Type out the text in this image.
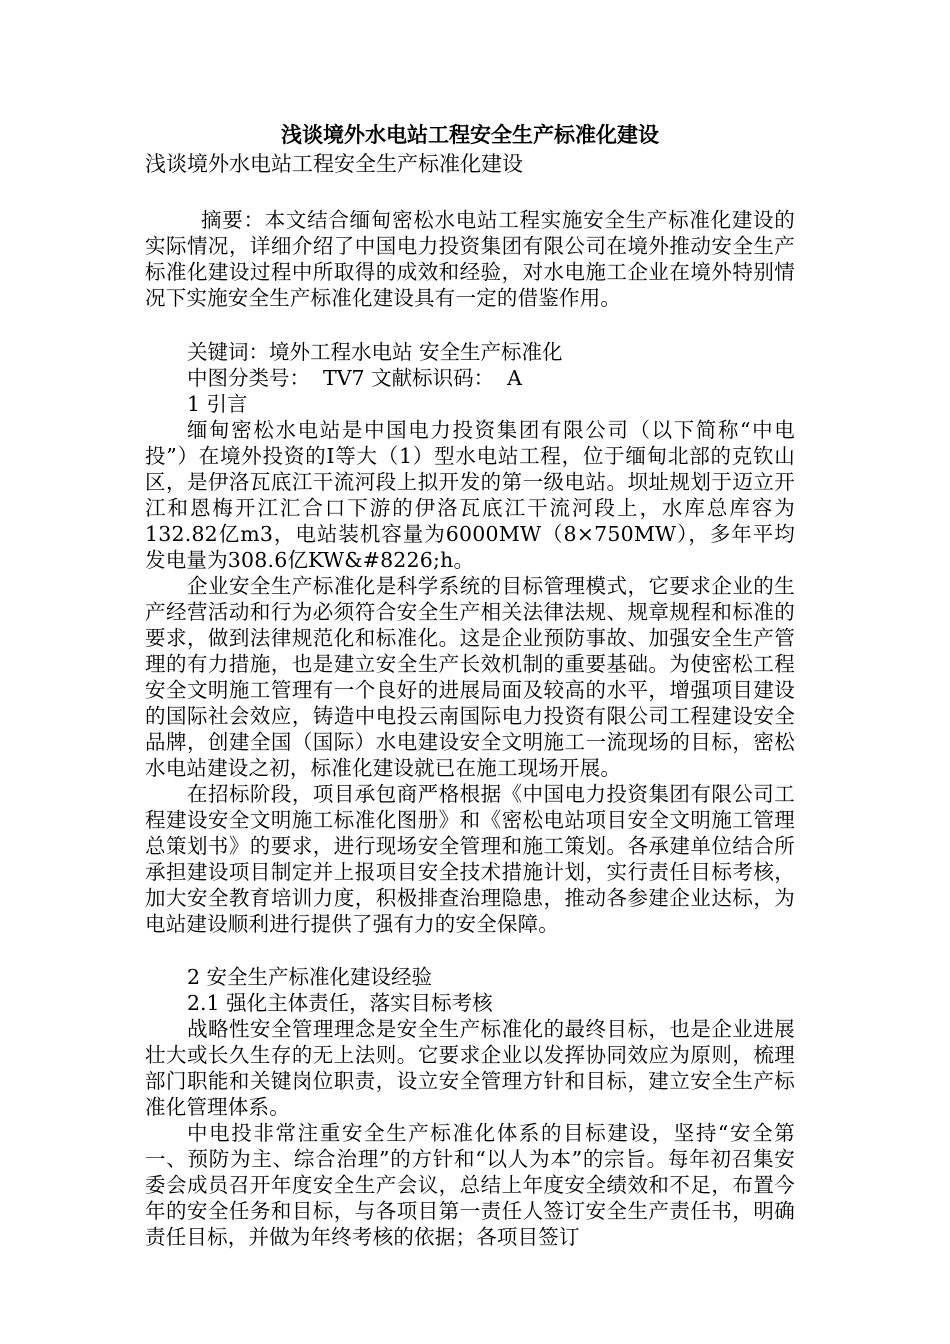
浅谈境外水电站工程安全生产标准化建设

浅谈境外水电站工程安全生产标准化建设

摘要：本文结合缅甸密松水电站工程实施安全生产标准化建设的实际情况，详细介绍了中国电力投资集团有限公司在境外推动安全生产标准化建设过程中所取得的成效和经验，对水电施工企业在境外特别情况下实施安全生产标准化建设具有一定的借鉴作用。

关键词：境外工程水电站 安全生产标准化

中图分类号：  TV7 文献标识码：  A

1 引言

缅甸密松水电站是中国电力投资集团有限公司（以下简称“中电投”）在境外投资的Ⅰ等大（1）型水电站工程，位于缅甸北部的克钦山区，是伊洛瓦底江干流河段上拟开发的第一级电站。坝址规划于迈立开江和恩梅开江汇合口下游的伊洛瓦底江干流河段上，水库总库容为132.82亿m3，电站装机容量为6000MW（8×750MW），多年平均发电量为308.6亿KW&#8226;h。

企业安全生产标准化是科学系统的目标管理模式，它要求企业的生产经营活动和行为必须符合安全生产相关法律法规、规章规程和标准的要求，做到法律规范化和标准化。这是企业预防事故、加强安全生产管理的有力措施，也是建立安全生产长效机制的重要基础。为使密松工程安全文明施工管理有一个良好的进展局面及较高的水平，增强项目建设的国际社会效应，铸造中电投云南国际电力投资有限公司工程建设安全品牌，创建全国（国际）水电建设安全文明施工一流现场的目标，密松水电站建设之初，标准化建设就已在施工现场开展。

在招标阶段，项目承包商严格根据《中国电力投资集团有限公司工程建设安全文明施工标准化图册》和《密松电站项目安全文明施工管理总策划书》的要求，进行现场安全管理和施工策划。各承建单位结合所承担建设项目制定并上报项目安全技术措施计划，实行责任目标考核，加大安全教育培训力度，积极排查治理隐患，推动各参建企业达标，为电站建设顺利进行提供了强有力的安全保障。

2 安全生产标准化建设经验

2.1 强化主体责任，落实目标考核

战略性安全管理理念是安全生产标准化的最终目标，也是企业进展壮大或长久生存的无上法则。它要求企业以发挥协同效应为原则，梳理部门职能和关键岗位职责，设立安全管理方针和目标，建立安全生产标准化管理体系。

中电投非常注重安全生产标准化体系的目标建设，坚持“安全第一、预防为主、综合治理”的方针和“以人为本”的宗旨。每年初召集安委会成员召开年度安全生产会议，总结上年度安全绩效和不足，布置今年的安全任务和目标，与各项目第一责任人签订安全生产责任书，明确责任目标，并做为年终考核的依据；各项目签订
